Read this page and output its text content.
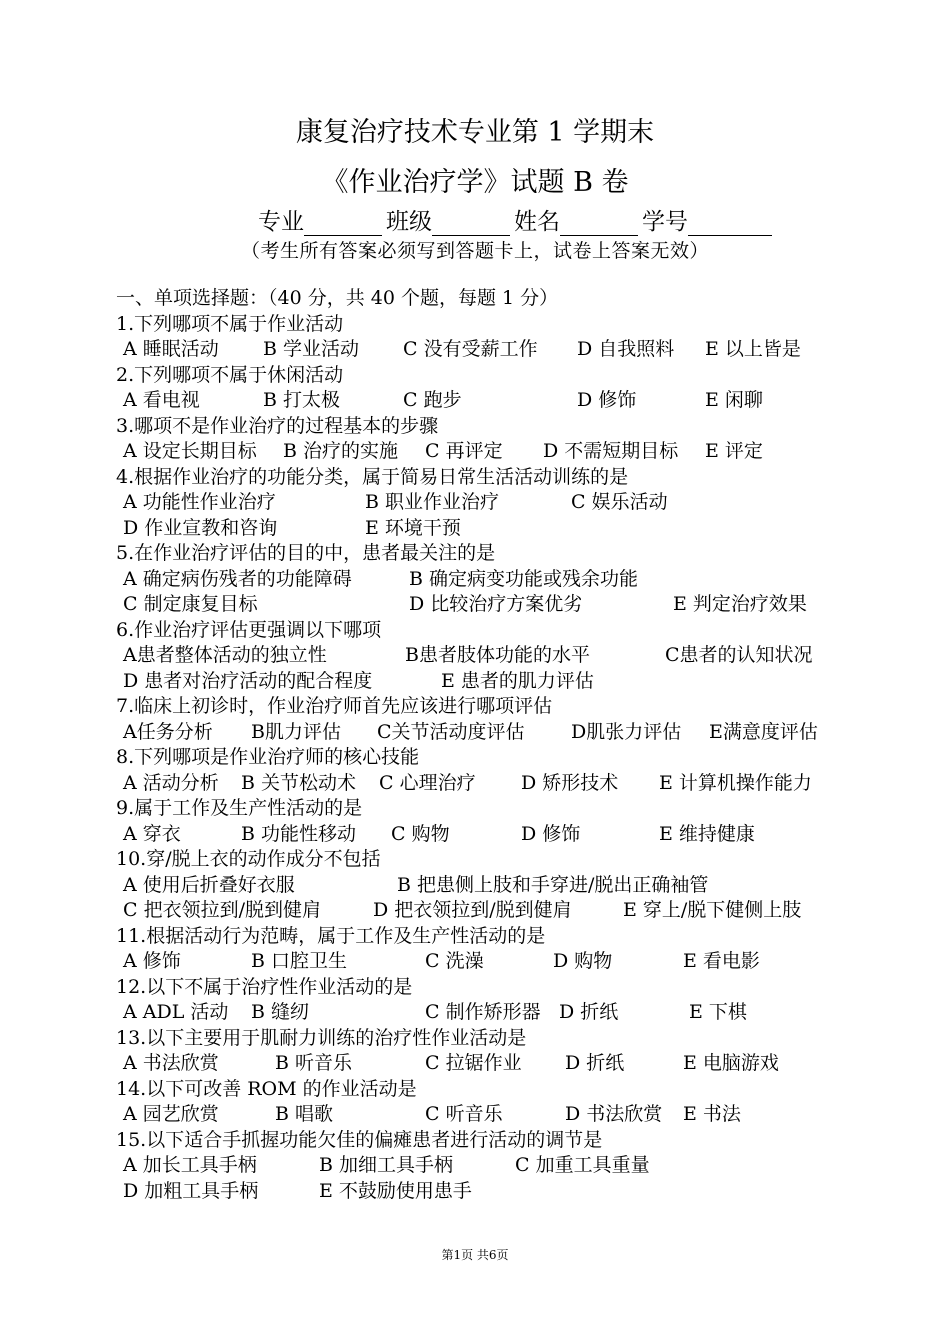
康复治疗技术专业第 1 学期末
《作业治疗学》试题 B 卷
专业	班级	姓名	学号
（考生所有答案必须写到答题卡上，试卷上答案无效）
一、单项选择题：（40 分，共 40 个题，每题 1 分）
1.下列哪项不属于作业活动
A 睡眠活动 B 学业活动 C 没有受薪工作 D 自我照料 E 以上皆是
2.下列哪项不属于休闲活动
A 看电视	B 打太极	C 跑步	D 修饰	E 闲聊
3.哪项不是作业治疗的过程基本的步骤
A 设定长期目标 B 治疗的实施 C 再评定 D 不需短期目标 E 评定
4.根据作业治疗的功能分类，属于简易日常生活活动训练的是
A 功能性作业治疗	B 职业作业治疗	C 娱乐活动
D 作业宣教和咨询	E 环境干预
5.在作业治疗评估的目的中，患者最关注的是
A 确定病伤残者的功能障碍	B 确定病变功能或残余功能
C 制定康复目标	D 比较治疗方案优劣	E 判定治疗效果
6.作业治疗评估更强调以下哪项
A患者整体活动的独立性	B患者肢体功能的水平	C患者的认知状况
D 患者对治疗活动的配合程度	E 患者的肌力评估
7.临床上初诊时，作业治疗师首先应该进行哪项评估
A任务分析 B肌力评估 C关节活动度评估 D肌张力评估 E满意度评估
8.下列哪项是作业治疗师的核心技能
A 活动分析 B 关节松动术 C 心理治疗 D 矫形技术 E 计算机操作能力
9.属于工作及生产性活动的是
A 穿衣	B 功能性移动 C 购物	D 修饰	E 维持健康
10.穿/脱上衣的动作成分不包括
A 使用后折叠好衣服	B 把患侧上肢和手穿进/脱出正确袖管
C 把衣领拉到/脱到健肩	D 把衣领拉到/脱到健肩	E 穿上/脱下健侧上肢
11.根据活动行为范畴，属于工作及生产性活动的是
A 修饰	B 口腔卫生	C 洗澡	D 购物	E 看电影
12.以下不属于治疗性作业活动的是
A ADL 活动 B 缝纫	C 制作矫形器 D 折纸	E 下棋
13.以下主要用于肌耐力训练的治疗性作业活动是
A 书法欣赏	B 听音乐	C 拉锯作业 D 折纸	E 电脑游戏
14.以下可改善 ROM 的作业活动是
A 园艺欣赏	B 唱歌	C 听音乐	D 书法欣赏 E 书法
15.以下适合手抓握功能欠佳的偏瘫患者进行活动的调节是
A 加长工具手柄	B 加细工具手柄	C 加重工具重量
D 加粗工具手柄	E 不鼓励使用患手
第1页 共6页
